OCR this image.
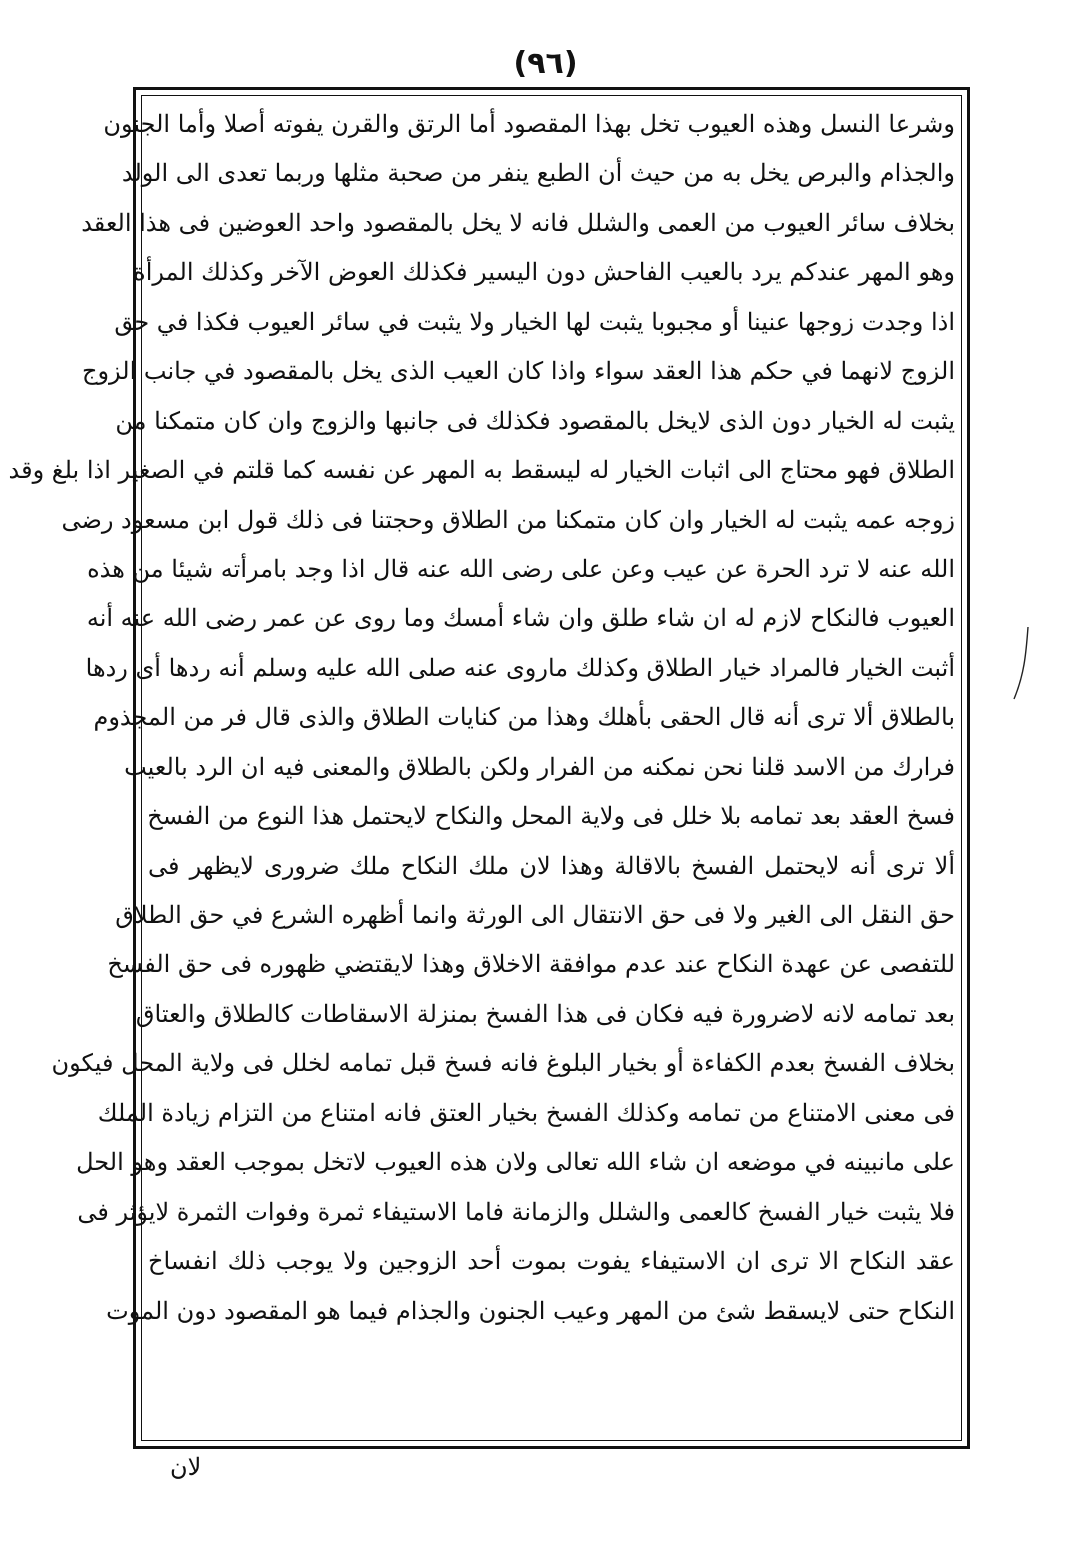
(٩٦)
وشرعا النسل وهذه العيوب تخل بهذا المقصود أما الرتق والقرن يفوته أصلا وأما الجنون
والجذام والبرص يخل به من حيث أن الطبع ينفر من صحبة مثلها وربما تعدى الى الولد
بخلاف سائر العيوب من العمى والشلل فانه لا يخل بالمقصود واحد العوضين فى هذا العقد
وهو المهر عندكم يرد بالعيب الفاحش دون اليسير فكذلك العوض الآخر وكذلك المرأة
اذا وجدت زوجها عنينا أو مجبوبا يثبت لها الخيار ولا يثبت في سائر العيوب فكذا في حق
الزوج لانهما في حكم هذا العقد سواء واذا كان العيب الذى يخل بالمقصود في جانب الزوج
يثبت له الخيار دون الذى لايخل بالمقصود فكذلك فى جانبها والزوج وان كان متمكنا من
الطلاق فهو محتاج الى اثبات الخيار له ليسقط به المهر عن نفسه كما قلتم في الصغير اذا بلغ وقد
زوجه عمه يثبت له الخيار وان كان متمكنا من الطلاق وحجتنا فى ذلك قول ابن مسعود رضى
الله عنه لا ترد الحرة عن عيب وعن على رضى الله عنه قال اذا وجد بامرأته شيئا من هذه
العيوب فالنكاح لازم له ان شاء طلق وان شاء أمسك وما روى عن عمر رضى الله عنه أنه
أثبت الخيار فالمراد خيار الطلاق وكذلك ماروى عنه صلى الله عليه وسلم أنه ردها أى ردها
بالطلاق ألا ترى أنه قال الحقى بأهلك وهذا من كنايات الطلاق والذى قال فر من المجذوم
فرارك من الاسد قلنا نحن نمكنه من الفرار ولكن بالطلاق والمعنى فيه ان الرد بالعيب
فسخ العقد بعد تمامه بلا خلل فى ولاية المحل والنكاح لايحتمل هذا النوع من الفسخ
ألا ترى أنه لايحتمل الفسخ بالاقالة وهذا لان ملك النكاح ملك ضرورى لايظهر فى
حق النقل الى الغير ولا فى حق الانتقال الى الورثة وانما أظهره الشرع في حق الطلاق
للتفصى عن عهدة النكاح عند عدم موافقة الاخلاق وهذا لايقتضي ظهوره فى حق الفسخ
بعد تمامه لانه لاضرورة فيه فكان فى هذا الفسخ بمنزلة الاسقاطات كالطلاق والعتاق
بخلاف الفسخ بعدم الكفاءة أو بخيار البلوغ فانه فسخ قبل تمامه لخلل فى ولاية المحل فيكون
فى معنى الامتناع من تمامه وكذلك الفسخ بخيار العتق فانه امتناع من التزام زيادة الملك
على مانبينه في موضعه ان شاء الله تعالى ولان هذه العيوب لاتخل بموجب العقد وهو الحل
فلا يثبت خيار الفسخ كالعمى والشلل والزمانة فاما الاستيفاء ثمرة وفوات الثمرة لايؤثر فى
عقد النكاح الا ترى ان الاستيفاء يفوت بموت أحد الزوجين ولا يوجب ذلك انفساخ
النكاح حتى لايسقط شئ من المهر وعيب الجنون والجذام فيما هو المقصود دون الموت
لان
